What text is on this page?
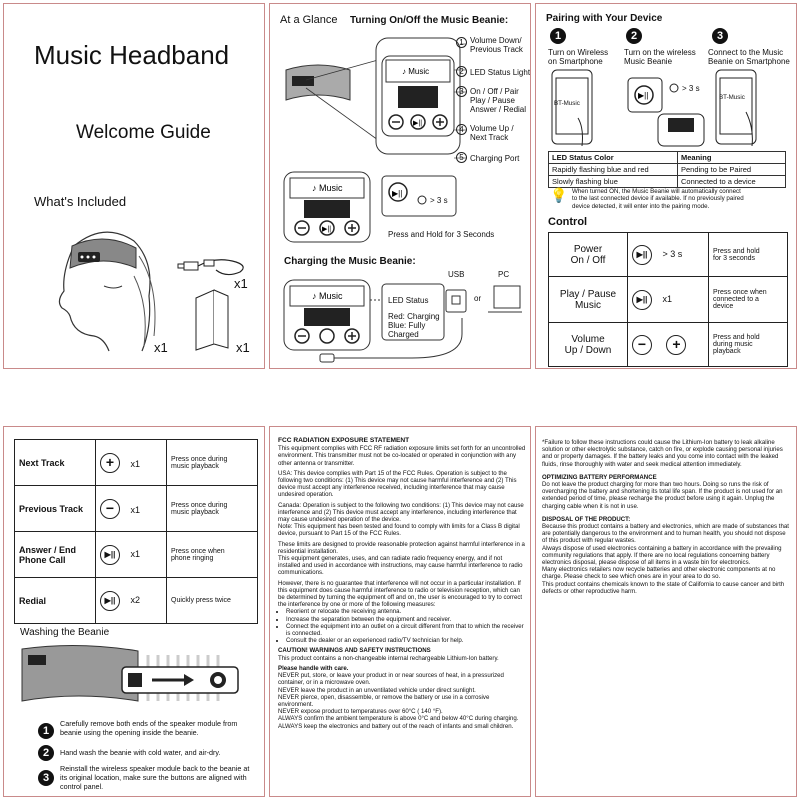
Music Headband
Welcome Guide
What's Included
x1
x1
x1
At a Glance Turning On/Off the Music Beanie:
♪ Music
▶||
1 Volume Down/
Previous Track
2 LED Status Light
3 On / Off / Pair
Play / Pause
Answer / Redial
4 Volume Up /
Next Track
5 Charging Port
♪ Music
▶||
▶||
> 3 s
Press and Hold for 3 Seconds
Charging the Music Beanie:
USB	PC
♪ Music	or
LED Status
Red: Charging
Blue: Fully
Charged
Pairing with Your Device
1	2	3
Turn on Wireless
on Smartphone
Turn on the wireless
Music Beanie
Connect to the Music
Beanie on Smartphone
BT-Music
▶||
> 3 s
BT-Music
LED Status Color	Meaning
Rapidly flashing blue and red	Pending to be Paired
Slowly flashing blue	Connected to a device
💡 When turned ON, the Music Beanie will automatically connect
to the last connected device if available. If no previously paired
device detected, it will enter into the pairing mode.
Control
Power
On / Off	▶|| > 3 s	Press and hold
for 3 seconds
Play / Pause
Music	▶|| x1	Press once when
connected to a
device
Volume
Up / Down	− +	Press and hold
during music
playback
Next Track	+ x1	Press once during
music playback
Previous Track	− x1	Press once during
music playback
Answer / End
Phone Call	▶|| x1	Press once when
phone ringing
Redial	▶|| x2	Quickly press twice
Washing the Beanie
1
Carefully remove both ends of the speaker module from
beanie using the opening inside the beanie.
2	Hand wash the beanie with cold water, and air-dry.
3
Reinstall the wireless speaker module back to the beanie at
its original location, make sure the buttons are aligned with
control panel.

FCC RADIATION EXPOSURE STATEMENT

This equipment complies with FCC RF radiation exposure limits set forth for an uncontrolled environment. This transmitter must not be co-located or operated in conjunction with any other antenna or transmitter.

USA: This device complies with Part 15 of the FCC Rules. Operation is subject to the following two conditions: (1) This device may not cause harmful interference and (2) This device must accept any interference received, including interference that may cause undesired operation.

Canada: Operation is subject to the following two conditions: (1) This device may not cause interference and (2) This device must accept any interference, including interference that may cause undesired operation of the device.
Note: This equipment has been tested and found to comply with limits for a Class B digital device, pursuant to Part 15 of the FCC Rules.

These limits are designed to provide reasonable protection against harmful interference in a residential installation.
This equipment generates, uses, and can radiate radio frequency energy, and if not installed and used in accordance with instructions, may cause harmful interference to radio communications.

However, there is no guarantee that interference will not occur in a particular installation. If this equipment does cause harmful interference to radio or television reception, which can be determined by turning the equipment off and on, the user is encouraged to try to correct the interference by one or more of the following measures:

• Reorient or relocate the receiving antenna.
• Increase the separation between the equipment and receiver.
• Connect the equipment into an outlet on a circuit different from that to which the receiver is connected.
• Consult the dealer or an experienced radio/TV technician for help.

CAUTION! WARNINGS AND SAFETY INSTRUCTIONS

This product contains a non-changeable internal rechargeable Lithium-Ion battery.

Please handle with care.

NEVER put, store, or leave your product in or near sources of heat, in a pressurized container, or in a microwave oven.
NEVER leave the product in an unventilated vehicle under direct sunlight.
NEVER pierce, open, disassemble, or remove the battery or use in a corrosive environment.
NEVER expose product to temperatures over 60°C ( 140 °F).
ALWAYS confirm the ambient temperature is above 0°C and below 40°C during charging.
ALWAYS keep the electronics and battery out of the reach of infants and small children.

*Failure to follow these instructions could cause the Lithium-Ion battery to leak alkaline solution or other electrolytic substance, catch on fire, or explode causing personal injuries and or property damages. If the battery leaks and you come into contact with the leaked fluids, rinse thoroughly with water and seek medical attention immediately.

OPTIMIZING BATTERY PERFORMANCE

Do not leave the product charging for more than two hours. Doing so runs the risk of overcharging the battery and shortening its total life span. If the product is not used for an extended period of time, please recharge the product before using it again. Unplug the charging cable when it is not in use.

DISPOSAL OF THE PRODUCT:

Because this product contains a battery and electronics, which are made of substances that are potentially dangerous to the environment and to human health, you should not dispose of this product with regular wastes.
Always dispose of used electronics containing a battery in accordance with the prevailing community regulations that apply. If there are no local regulations concerning battery electronics disposal, please dispose of all items in a waste bin for electronics.
Many electronics retailers now recycle batteries and other electronic components at no charge. Please check to see which ones are in your area to do so.
This product contains chemicals known to the state of California to cause cancer and birth defects or other reproductive harm.
